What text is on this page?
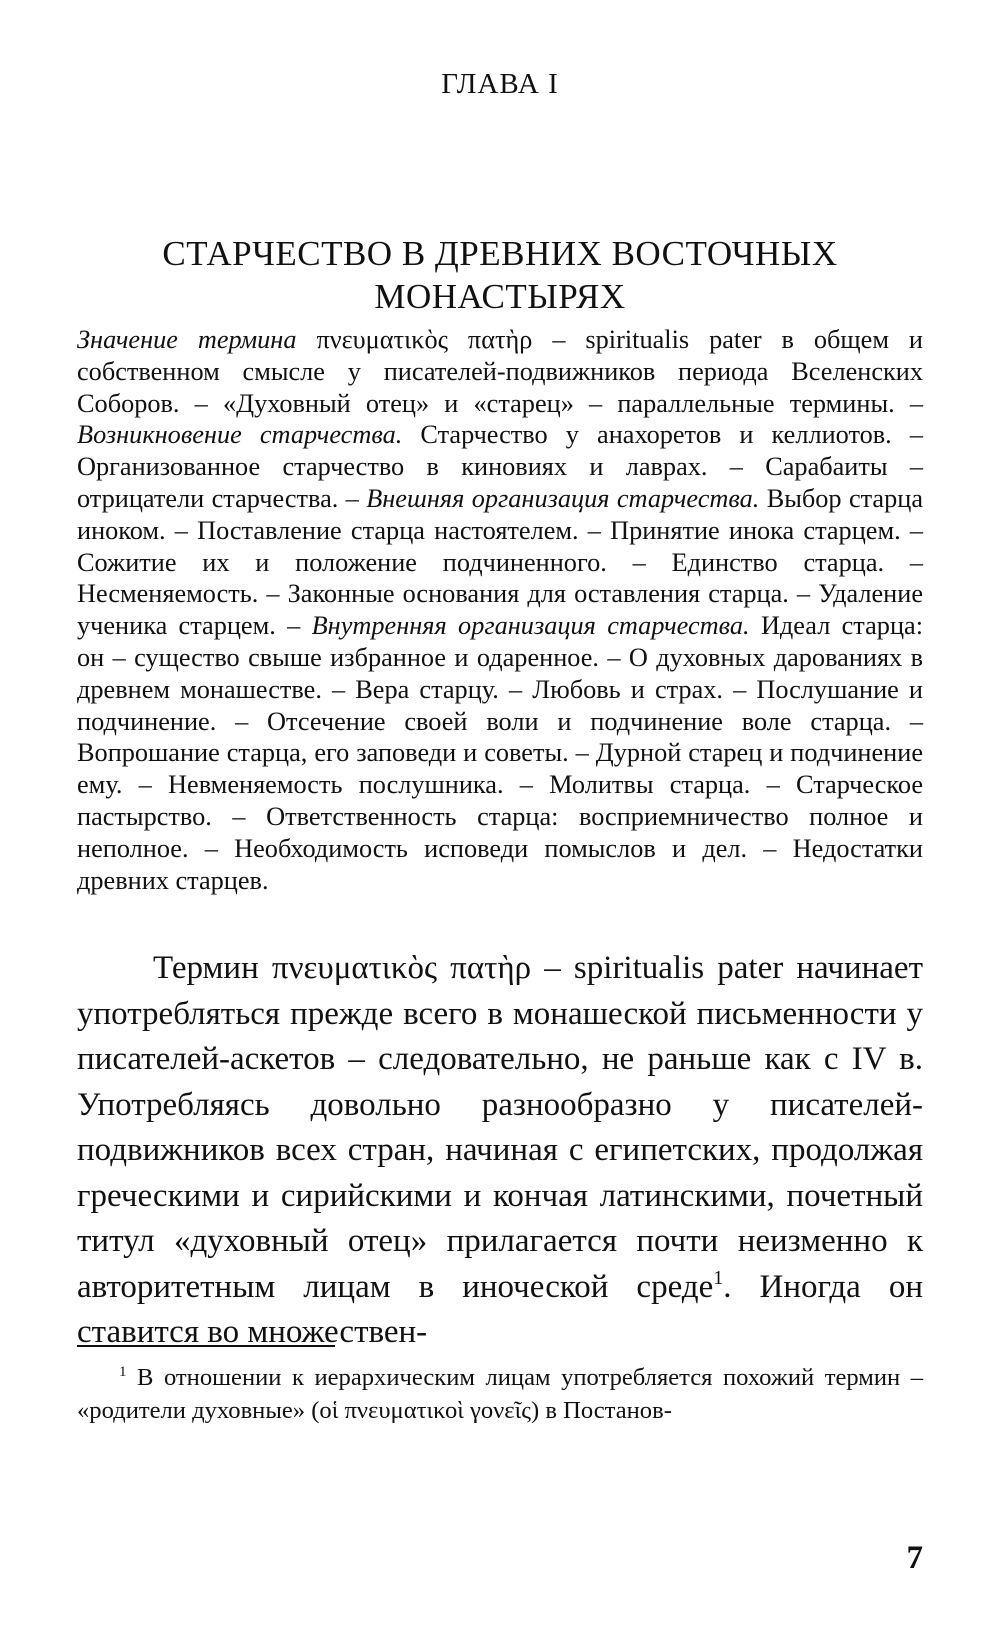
ГЛАВА I
СТАРЧЕСТВО В ДРЕВНИХ ВОСТОЧНЫХ
МОНАСТЫРЯХ

Значение термина πνευματικὸς πατὴρ – spiritualis pater в общем и собственном смысле у писателей-подвижников периода Вселенских Соборов. – «Духовный отец» и «старец» – параллельные термины. – Возникновение старчества. Старчество у анахоретов и келлиотов. – Организованное старчество в киновиях и лаврах. – Сарабаиты – отрицатели старчества. – Внешняя организация старчества. Выбор старца иноком. – Поставление старца настоятелем. – Принятие инока старцем. – Сожитие их и положение подчиненного. – Единство старца. – Несменяемость. – Законные основания для оставления старца. – Удаление ученика старцем. – Внутренняя организация старчества. Идеал старца: он – существо свыше избранное и одаренное. – О духовных дарованиях в древнем монашестве. – Вера старцу. – Любовь и страх. – Послушание и подчинение. – Отсечение своей воли и подчинение воле старца. – Вопрошание старца, его заповеди и советы. – Дурной старец и подчинение ему. – Невменяемость послушника. – Молитвы старца. – Старческое пастырство. – Ответственность старца: восприемничество полное и неполное. – Необходимость исповеди помыслов и дел. – Недостатки древних старцев.

Термин πνευματικὸς πατὴρ – spiritualis pater начинает употребляться прежде всего в монашеской письменности у писателей-аскетов – следовательно, не раньше как с IV в. Употребляясь довольно разнообразно у писателей-подвижников всех стран, начиная с египетских, продолжая греческими и сирийскими и кончая латинскими, почетный титул «духовный отец» прилагается почти неизменно к авторитетным лицам в иноческой среде$^1$. Иногда он ставится во множествен-

$^1$ В отношении к иерархическим лицам употребляется похожий термин – «родители духовные» (οἱ πνευματικοὶ γονεῖς) в Постанов-

7
